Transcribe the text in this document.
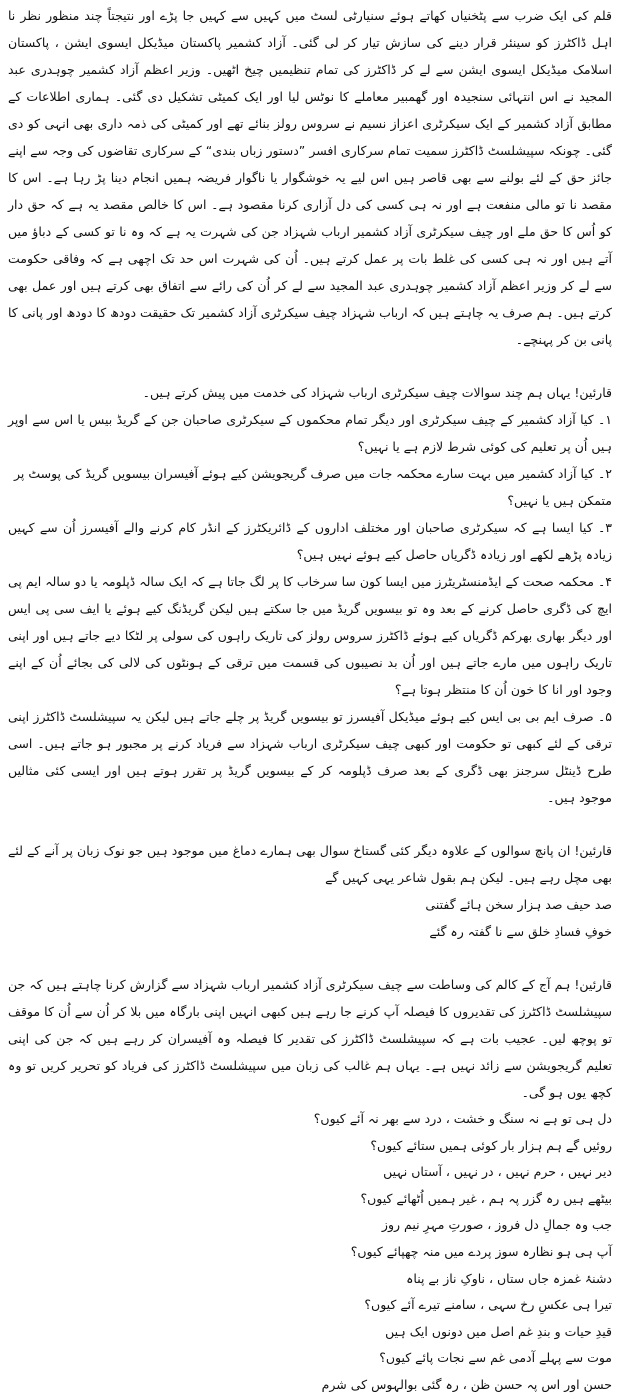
قلم کی ایک ضرب سے پٹخنیاں کھاتے ہوئے سنیارٹی لسٹ میں کہیں سے کہیں جا پڑے اور نتیجتاً چند منظور نظر نا اہل ڈاکٹرز کو سینئر قرار دینے کی سازش تیار کر لی گئی۔ آزاد کشمیر پاکستان میڈیکل ایسوی ایشن ، پاکستان اسلامک میڈیکل ایسوی ایشن سے لے کر ڈاکٹرز کی تمام تنظیمیں چیخ اٹھیں۔ وزیر اعظم آزاد کشمیر چوہدری عبد المجید نے اس انتہائی سنجیدہ اور گھمبیر معاملے کا نوٹس لیا اور ایک کمیٹی تشکیل دی گئی۔ ہماری اطلاعات کے مطابق آزاد کشمیر کے ایک سیکرٹری اعزاز نسیم نے سروس رولز بنائے تھے اور کمیٹی کی ذمہ داری بھی انہی کو دی گئی۔ چونکہ سپیشلسٹ ڈاکٹرز سمیت تمام سرکاری افسر ”دستور زباں بندی“ کے سرکاری تقاضوں کی وجہ سے اپنے جائز حق کے لئے بولنے سے بھی قاصر ہیں اس لیے یہ خوشگوار یا ناگوار فریضہ ہمیں انجام دینا پڑ رہا ہے۔ اس کا مقصد نا تو مالی منفعت ہے اور نہ ہی کسی کی دل آزاری کرنا مقصود ہے۔ اس کا خالص مقصد یہ ہے کہ حق دار کو اُس کا حق ملے اور چیف سیکرٹری آزاد کشمیر ارباب شہزاد جن کی شہرت یہ ہے کہ وہ نا تو کسی کے دباؤ میں آتے ہیں اور نہ ہی کسی کی غلط بات پر عمل کرتے ہیں۔ اُن کی شہرت اس حد تک اچھی ہے کہ وفاقی حکومت سے لے کر وزیر اعظم آزاد کشمیر چوہدری عبد المجید سے لے کر اُن کی رائے سے اتفاق بھی کرتے ہیں اور عمل بھی کرتے ہیں۔ ہم صرف یہ چاہتے ہیں کہ ارباب شہزاد چیف سیکرٹری آزاد کشمیر تک حقیقت دودھ کا دودھ اور پانی کا پانی بن کر پہنچے۔

قارئین! یہاں ہم چند سوالات چیف سیکرٹری ارباب شہزاد کی خدمت میں پیش کرتے ہیں۔

۱۔ کیا آزاد کشمیر کے چیف سیکرٹری اور دیگر تمام محکموں کے سیکرٹری صاحبان جن کے گریڈ بیس یا اس سے اوپر ہیں اُن پر تعلیم کی کوئی شرط لازم ہے یا نہیں؟

۲۔ کیا آزاد کشمیر میں بہت سارے محکمہ جات میں صرف گریجویشن کیے ہوئے آفیسران بیسویں گریڈ کی پوسٹ پر متمکن ہیں یا نہیں؟

۳۔ کیا ایسا ہے کہ سیکرٹری صاحبان اور مختلف اداروں کے ڈائریکٹرز کے انڈر کام کرنے والے آفیسرز اُن سے کہیں زیادہ پڑھے لکھے اور زیادہ ڈگریاں حاصل کیے ہوئے نہیں ہیں؟

۴۔ محکمہ صحت کے ایڈمنسٹریٹرز میں ایسا کون سا سرخاب کا پر لگ جاتا ہے کہ ایک سالہ ڈپلومہ یا دو سالہ ایم پی ایچ کی ڈگری حاصل کرنے کے بعد وہ تو بیسویں گریڈ میں جا سکتے ہیں لیکن گریڈنگ کیے ہوئے یا ایف سی پی ایس اور دیگر بھاری بھرکم ڈگریاں کیے ہوئے ڈاکٹرز سروس رولز کی تاریک راہوں کی سولی پر لٹکا دیے جاتے ہیں اور اپنی تاریک راہوں میں مارے جاتے ہیں اور اُن بد نصیبوں کی قسمت میں ترقی کے ہونٹوں کی لالی کی بجائے اُن کے اپنے وجود اور انا کا خون اُن کا منتظر ہوتا ہے؟

۵۔ صرف ایم بی بی ایس کیے ہوئے میڈیکل آفیسرز تو بیسویں گریڈ پر چلے جاتے ہیں لیکن یہ سپیشلسٹ ڈاکٹرز اپنی ترقی کے لئے کبھی تو حکومت اور کبھی چیف سیکرٹری ارباب شہزاد سے فریاد کرنے پر مجبور ہو جاتے ہیں۔ اسی طرح ڈینٹل سرجنز بھی ڈگری کے بعد صرف ڈپلومہ کر کے بیسویں گریڈ پر تقرر ہوتے ہیں اور ایسی کئی مثالیں موجود ہیں۔

قارئین! ان پانچ سوالوں کے علاوہ دیگر کئی گستاخ سوال بھی ہمارے دماغ میں موجود ہیں جو نوک زبان پر آنے کے لئے بھی مچل رہے ہیں۔ لیکن ہم بقول شاعر یہی کہیں گے

صد حیف صد ہزار سخن ہائے گفتنی

خوفِ فسادِ خلق سے نا گفتہ رہ گئے

قارئین! ہم آج کے کالم کی وساطت سے چیف سیکرٹری آزاد کشمیر ارباب شہزاد سے گزارش کرنا چاہتے ہیں کہ جن سپیشلسٹ ڈاکٹرز کی تقدیروں کا فیصلہ آپ کرنے جا رہے ہیں کبھی انہیں اپنی بارگاہ میں بلا کر اُن سے اُن کا موقف تو پوچھ لیں۔ عجیب بات ہے کہ سپیشلسٹ ڈاکٹرز کی تقدیر کا فیصلہ وہ آفیسران کر رہے ہیں کہ جن کی اپنی تعلیم گریجویشن سے زائد نہیں ہے۔ یہاں ہم غالب کی زبان میں سپیشلسٹ ڈاکٹرز کی فریاد کو تحریر کریں تو وہ کچھ یوں ہو گی۔

دل ہی تو ہے نہ سنگ و خشت ، درد سے بھر نہ آئے کیوں؟

روئیں گے ہم ہزار بار کوئی ہمیں ستائے کیوں؟

دیر نہیں ، حرم نہیں ، در نہیں ، آستاں نہیں

بیٹھے ہیں رہ گزر پہ ہم ، غیر ہمیں اُٹھائے کیوں؟

جب وہ جمالِ دل فروز ، صورتِ مہرِ نیم روز

آپ ہی ہو نظارہ سوز پردے میں منہ چھپائے کیوں؟

دشنۂ غمزہ جاں ستاں ، ناوکِ ناز بے پناہ

تیرا ہی عکسِ رخ سہی ، سامنے تیرے آئے کیوں؟

قیدِ حیات و بندِ غم اصل میں دونوں ایک ہیں

موت سے پہلے آدمی غم سے نجات پائے کیوں؟

حسن اور اس پہ حسن ظن ، رہ گئی بوالہوس کی شرم
